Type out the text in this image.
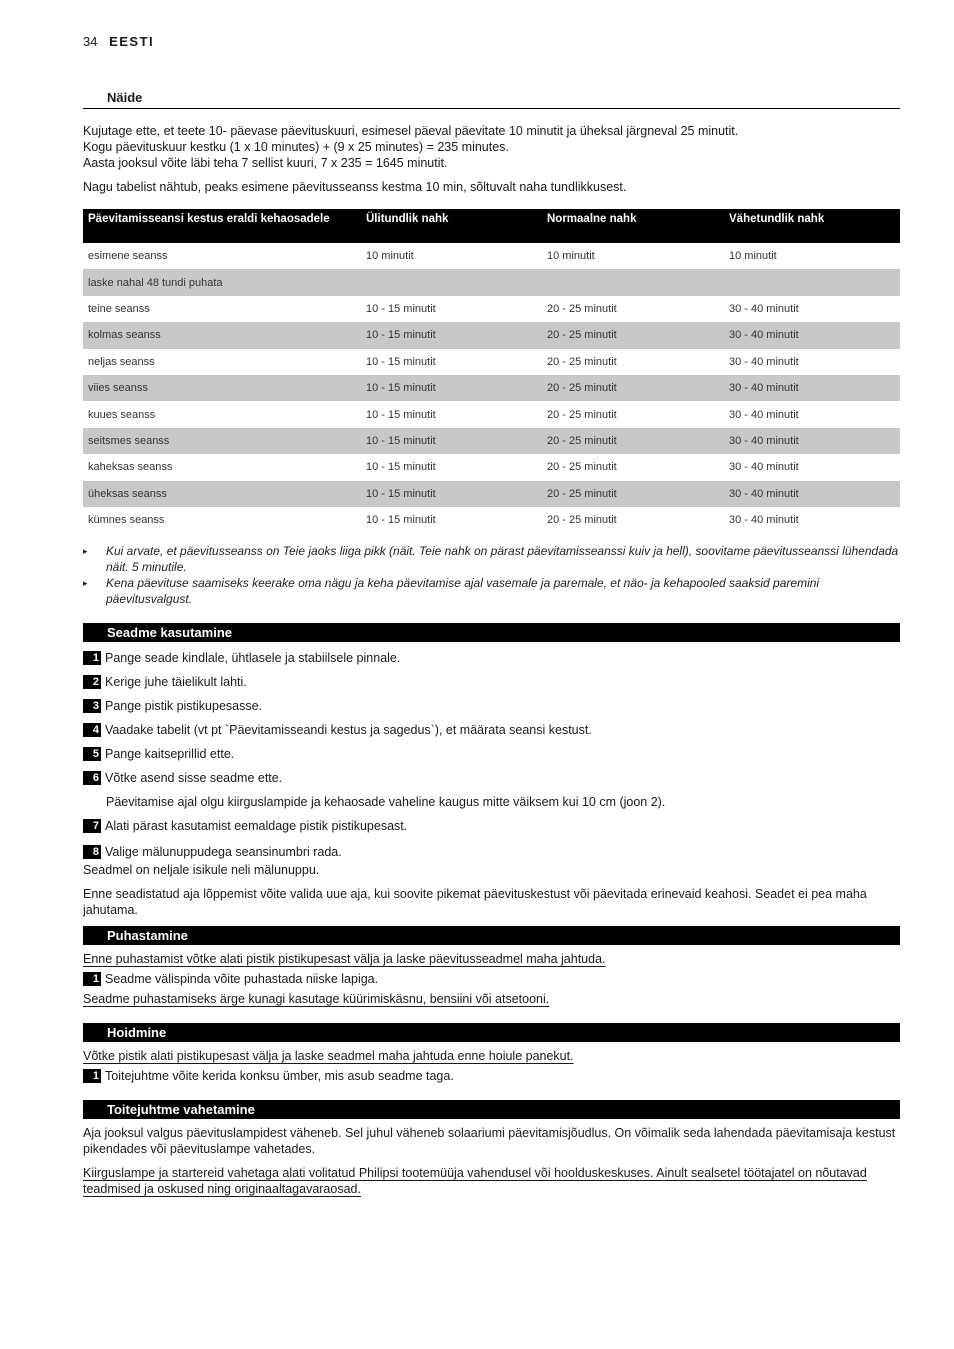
34 EESTI
Näide

Kujutage ette, et teete 10- päevase päevituskuuri, esimesel päeval päevitate 10 minutit ja üheksal järgneval 25 minutit.

Kogu päevituskuur kestku (1 x 10 minutes) + (9 x 25 minutes) = 235 minutes.

Aasta jooksul võite läbi teha 7 sellist kuuri, 7 x 235 = 1645 minutit.

Nagu tabelist nähtub, peaks esimene päevitusseanss kestma 10 min, sõltuvalt naha tundlikkusest.

Päevitamisseansi kestus eraldi kehaosadele	Ülitundlik nahk	Normaalne nahk	Vähetundlik nahk
esimene seanss	10 minutit	10 minutit	10 minutit
laske nahal 48 tundi puhata			
teine seanss	10 - 15 minutit	20 - 25 minutit	30 - 40 minutit
kolmas seanss	10 - 15 minutit	20 - 25 minutit	30 - 40 minutit
neljas seanss	10 - 15 minutit	20 - 25 minutit	30 - 40 minutit
viies seanss	10 - 15 minutit	20 - 25 minutit	30 - 40 minutit
kuues seanss	10 - 15 minutit	20 - 25 minutit	30 - 40 minutit
seitsmes seanss	10 - 15 minutit	20 - 25 minutit	30 - 40 minutit
kaheksas seanss	10 - 15 minutit	20 - 25 minutit	30 - 40 minutit
üheksas seanss	10 - 15 minutit	20 - 25 minutit	30 - 40 minutit
kümnes seanss	10 - 15 minutit	20 - 25 minutit	30 - 40 minutit
▸ Kui arvate, et päevitusseanss on Teie jaoks liiga pikk (näit. Teie nahk on pärast päevitamisseanssi kuiv ja hell), soovitame päevitusseanssi lühendada näit. 5 minutile.
▸ Kena päevituse saamiseks keerake oma nägu ja keha päevitamise ajal vasemale ja paremale, et näo- ja kehapooled saaksid paremini päevitusvalgust.
Seadme kasutamine
1 Pange seade kindlale, ühtlasele ja stabiilsele pinnale.
2 Kerige juhe täielikult lahti.
3 Pange pistik pistikupesasse.
4 Vaadake tabelit (vt pt `Päevitamisseandi kestus ja sagedus`), et määrata seansi kestust.
5 Pange kaitseprillid ette.
6 Võtke asend sisse seadme ette.
Päevitamise ajal olgu kiirguslampide ja kehaosade vaheline kaugus mitte väiksem kui 10 cm (joon 2).
7 Alati pärast kasutamist eemaldage pistik pistikupesast.
8 Valige mälunuppudega seansinumbri rada.

Seadmel on neljale isikule neli mälunuppu.

Enne seadistatud aja lõppemist võite valida uue aja, kui soovite pikemat päevituskestust või päevitada erinevaid keahosi. Seadet ei pea maha jahutama.

Puhastamine

Enne puhastamist võtke alati pistik pistikupesast välja ja laske päevitusseadmel maha jahtuda.

1 Seadme välispinda võite puhastada niiske lapiga.

Seadme puhastamiseks ärge kunagi kasutage küürimiskäsnu, bensiini või atsetooni.

Hoidmine

Võtke pistik alati pistikupesast välja ja laske seadmel maha jahtuda enne hoiule panekut.

1 Toitejuhtme võite kerida konksu ümber, mis asub seadme taga.
Toitejuhtme vahetamine

Aja jooksul valgus päevituslampidest väheneb. Sel juhul väheneb solaariumi päevitamisjõudlus. On võimalik seda lahendada päevitamisaja kestust pikendades või päevituslampe vahetades.

Kiirguslampe ja startereid vahetaga alati volitatud Philipsi tootemüüja vahendusel või hoolduskeskuses. Ainult sealsetel töötajatel on nõutavad teadmised ja oskused ning originaaltagavaraosad.
